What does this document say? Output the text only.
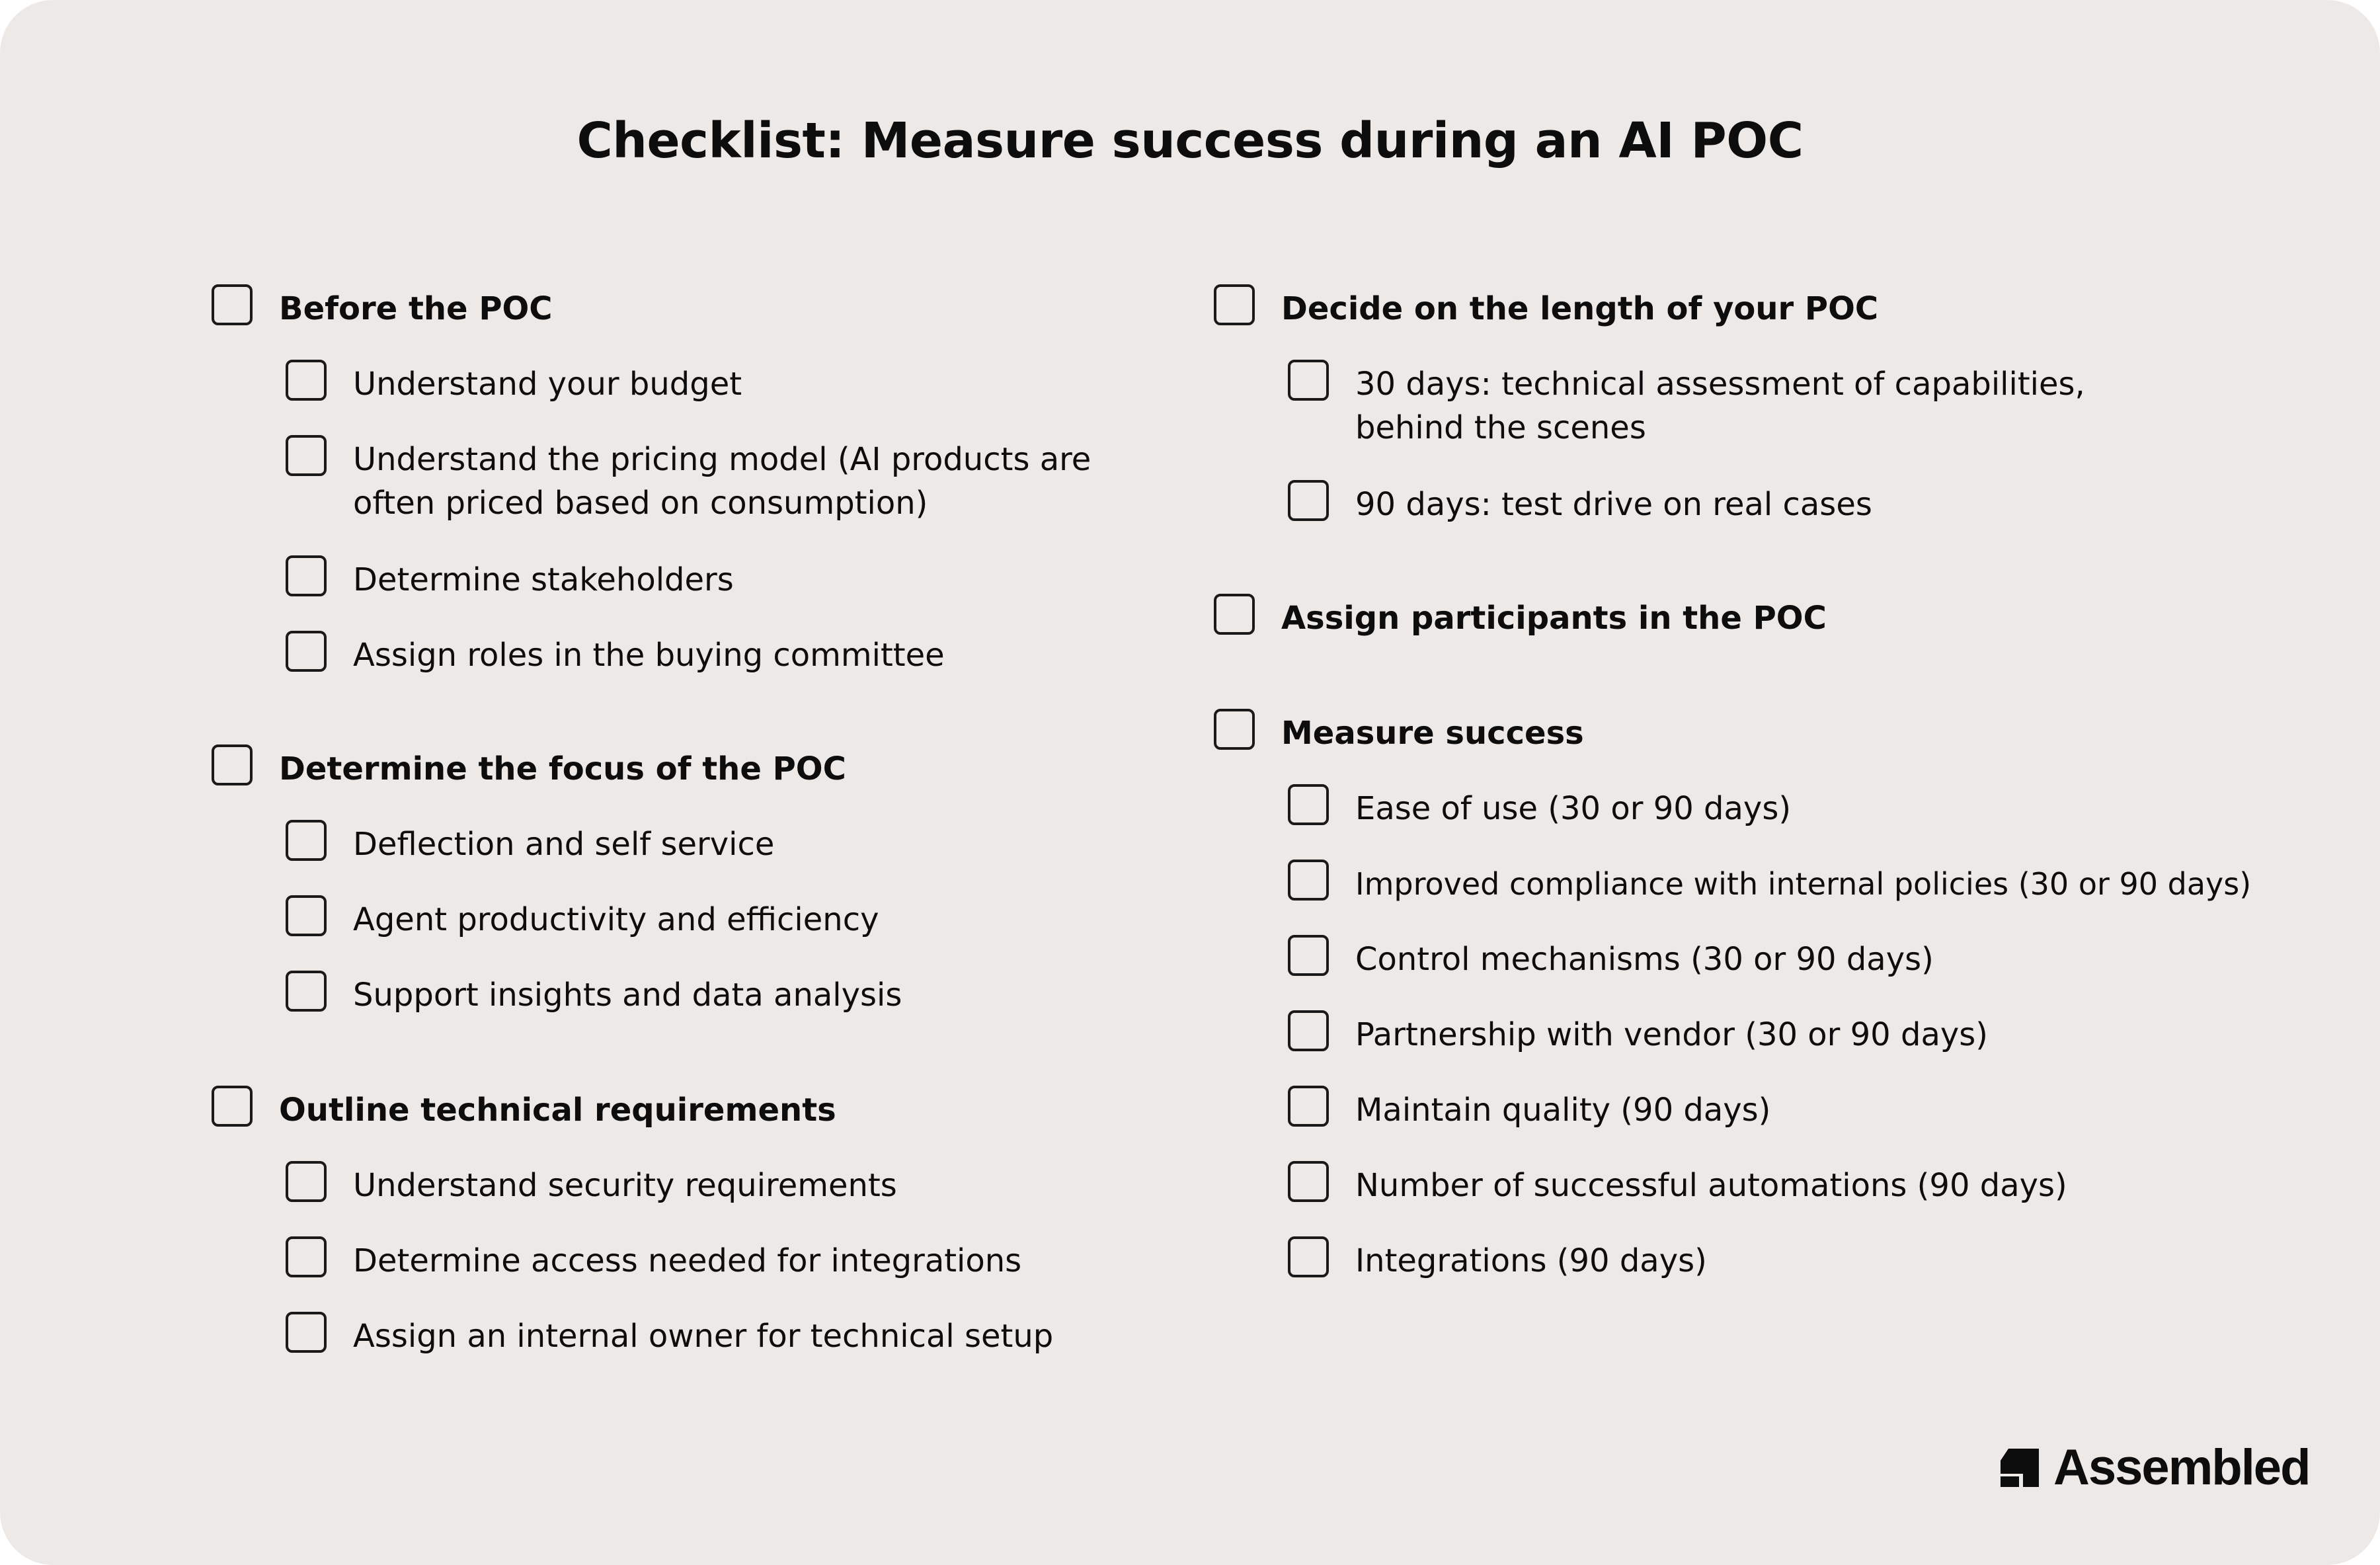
Checklist: Measure success during an AI POC
Before the POC
Understand your budget
Understand the pricing model (AI products are often priced based on consumption)
Determine stakeholders
Assign roles in the buying committee
Determine the focus of the POC
Deflection and self service
Agent productivity and efficiency
Support insights and data analysis
Outline technical requirements
Understand security requirements
Determine access needed for integrations
Assign an internal owner for technical setup
Decide on the length of your POC
30 days: technical assessment of capabilities, behind the scenes
90 days: test drive on real cases
Assign participants in the POC
Measure success
Ease of use (30 or 90 days)
Improved compliance with internal policies (30 or 90 days)
Control mechanisms (30 or 90 days)
Partnership with vendor (30 or 90 days)
Maintain quality (90 days)
Number of successful automations (90 days)
Integrations (90 days)
Assembled
